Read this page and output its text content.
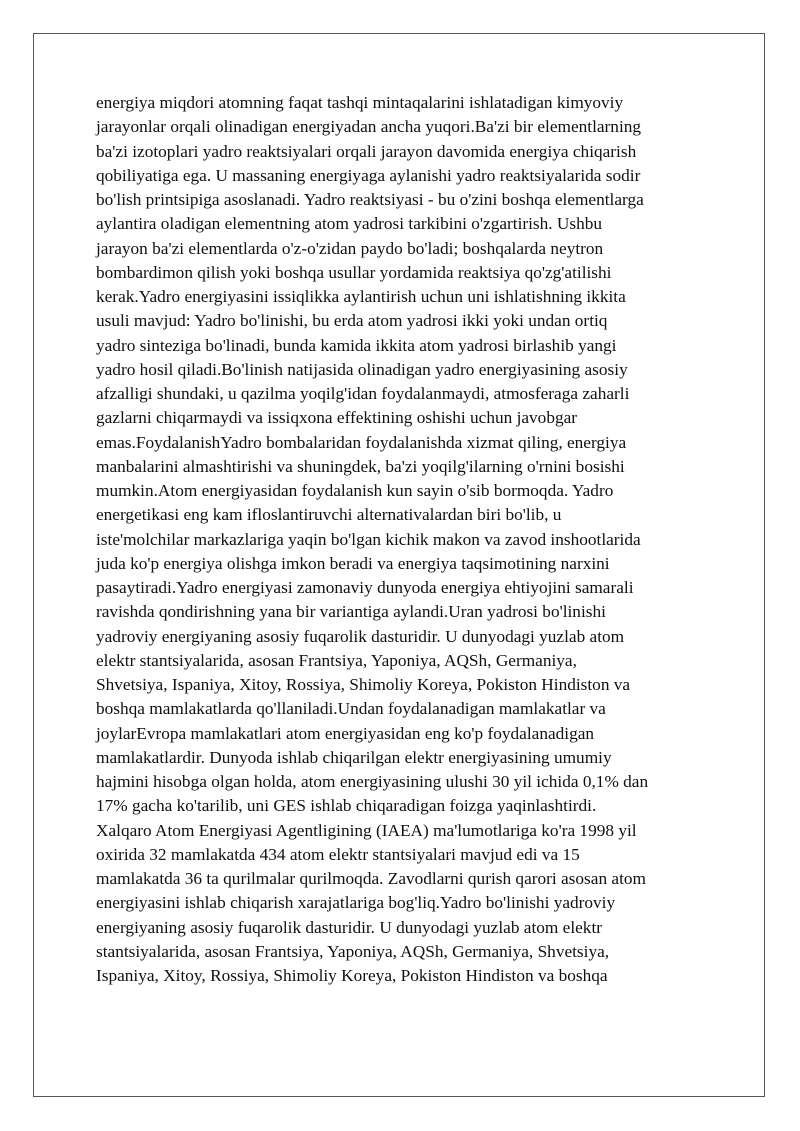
energiya miqdori atomning faqat tashqi mintaqalarini ishlatadigan kimyoviy
jarayonlar orqali olinadigan energiyadan ancha yuqori.Ba'zi bir elementlarning
ba'zi izotoplari yadro reaktsiyalari orqali jarayon davomida energiya chiqarish
qobiliyatiga ega. U massaning energiyaga aylanishi yadro reaktsiyalarida sodir
bo'lish printsipiga asoslanadi. Yadro reaktsiyasi - bu o'zini boshqa elementlarga
aylantira oladigan elementning atom yadrosi tarkibini o'zgartirish. Ushbu
jarayon ba'zi elementlarda o'z-o'zidan paydo bo'ladi; boshqalarda neytron
bombardimon qilish yoki boshqa usullar yordamida reaktsiya qo'zg'atilishi
kerak.Yadro energiyasini issiqlikka aylantirish uchun uni ishlatishning ikkita
usuli mavjud: Yadro bo'linishi, bu erda atom yadrosi ikki yoki undan ortiq
yadro sinteziga bo'linadi, bunda kamida ikkita atom yadrosi birlashib yangi
yadro hosil qiladi.Bo'linish natijasida olinadigan yadro energiyasining asosiy
afzalligi shundaki, u qazilma yoqilg'idan foydalanmaydi, atmosferaga zaharli
gazlarni chiqarmaydi va issiqxona effektining oshishi uchun javobgar
emas.FoydalanishYadro bombalaridan foydalanishda xizmat qiling, energiya
manbalarini almashtirishi va shuningdek, ba'zi yoqilg'ilarning o'rnini bosishi
mumkin.Atom energiyasidan foydalanish kun sayin o'sib bormoqda. Yadro
energetikasi eng kam ifloslantiruvchi alternativalardan biri bo'lib, u
iste'molchilar markazlariga yaqin bo'lgan kichik makon va zavod inshootlarida
juda ko'p energiya olishga imkon beradi va energiya taqsimotining narxini
pasaytiradi.Yadro energiyasi zamonaviy dunyoda energiya ehtiyojini samarali
ravishda qondirishning yana bir variantiga aylandi.Uran yadrosi bo'linishi
yadroviy energiyaning asosiy fuqarolik dasturidir. U dunyodagi yuzlab atom
elektr stantsiyalarida, asosan Frantsiya, Yaponiya, AQSh, Germaniya,
Shvetsiya, Ispaniya, Xitoy, Rossiya, Shimoliy Koreya, Pokiston Hindiston va
boshqa mamlakatlarda qo'llaniladi.Undan foydalanadigan mamlakatlar va
joylarEvropa mamlakatlari atom energiyasidan eng ko'p foydalanadigan
mamlakatlardir. Dunyoda ishlab chiqarilgan elektr energiyasining umumiy
hajmini hisobga olgan holda, atom energiyasining ulushi 30 yil ichida 0,1% dan
17% gacha ko'tarilib, uni GES ishlab chiqaradigan foizga yaqinlashtirdi.
Xalqaro Atom Energiyasi Agentligining (IAEA) ma'lumotlariga ko'ra 1998 yil
oxirida 32 mamlakatda 434 atom elektr stantsiyalari mavjud edi va 15
mamlakatda 36 ta qurilmalar qurilmoqda. Zavodlarni qurish qarori asosan atom
energiyasini ishlab chiqarish xarajatlariga bog'liq.Yadro bo'linishi yadroviy
energiyaning asosiy fuqarolik dasturidir. U dunyodagi yuzlab atom elektr
stantsiyalarida, asosan Frantsiya, Yaponiya, AQSh, Germaniya, Shvetsiya,
Ispaniya, Xitoy, Rossiya, Shimoliy Koreya, Pokiston Hindiston va boshqa
